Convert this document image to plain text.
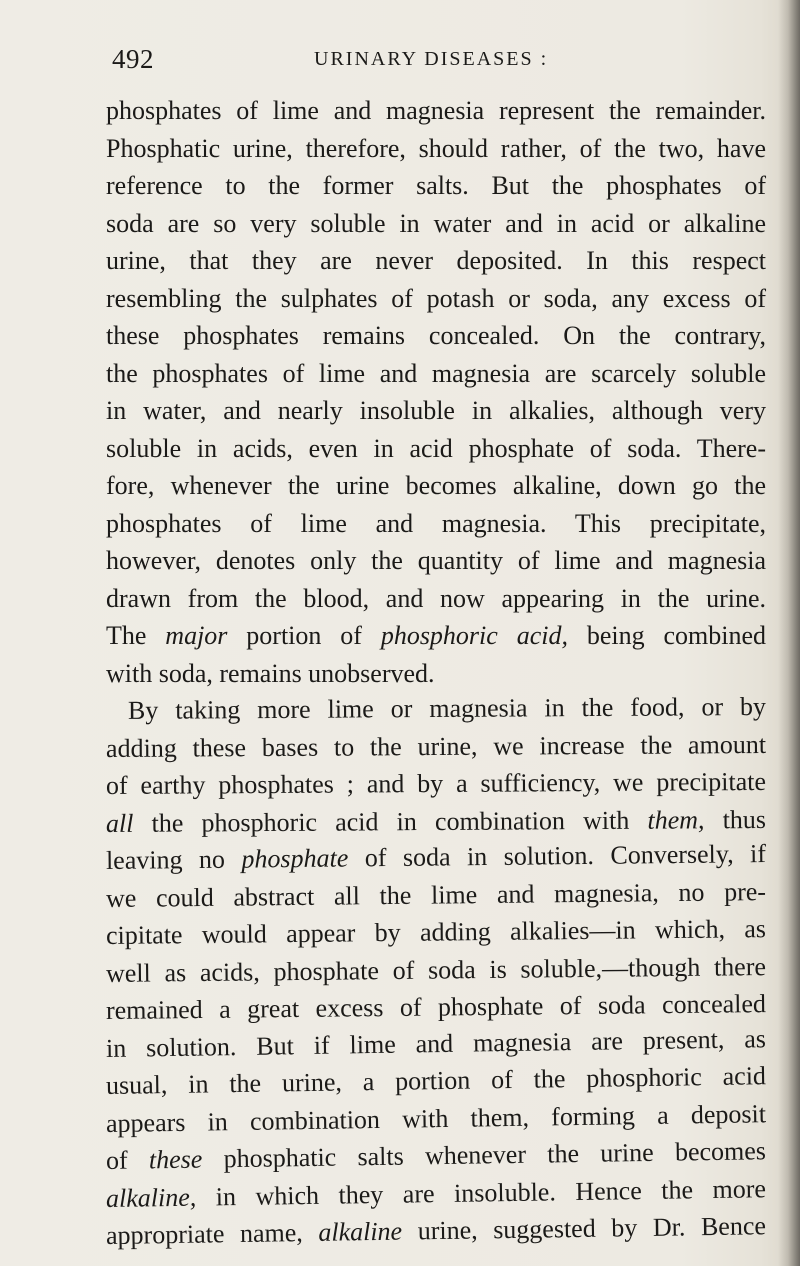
492	URINARY DISEASES :
phosphates of lime and magnesia represent the remainder.
Phosphatic urine, therefore, should rather, of the two, have
reference to the former salts. But the phosphates of
soda are so very soluble in water and in acid or alkaline
urine, that they are never deposited. In this respect
resembling the sulphates of potash or soda, any excess of
these phosphates remains concealed. On the contrary,
the phosphates of lime and magnesia are scarcely soluble
in water, and nearly insoluble in alkalies, although very
soluble in acids, even in acid phosphate of soda. There-
fore, whenever the urine becomes alkaline, down go the
phosphates of lime and magnesia. This precipitate,
however, denotes only the quantity of lime and magnesia
drawn from the blood, and now appearing in the urine.
The major portion of phosphoric acid, being combined
with soda, remains unobserved.
By taking more lime or magnesia in the food, or by
adding these bases to the urine, we increase the amount
of earthy phosphates ; and by a sufficiency, we precipitate
all the phosphoric acid in combination with them, thus
leaving no phosphate of soda in solution. Conversely, if
we could abstract all the lime and magnesia, no pre-
cipitate would appear by adding alkalies—in which, as
well as acids, phosphate of soda is soluble,—though there
remained a great excess of phosphate of soda concealed
in solution. But if lime and magnesia are present, as
usual, in the urine, a portion of the phosphoric acid
appears in combination with them, forming a deposit
of these phosphatic salts whenever the urine becomes
alkaline, in which they are insoluble. Hence the more
appropriate name, alkaline urine, suggested by Dr. Bence
